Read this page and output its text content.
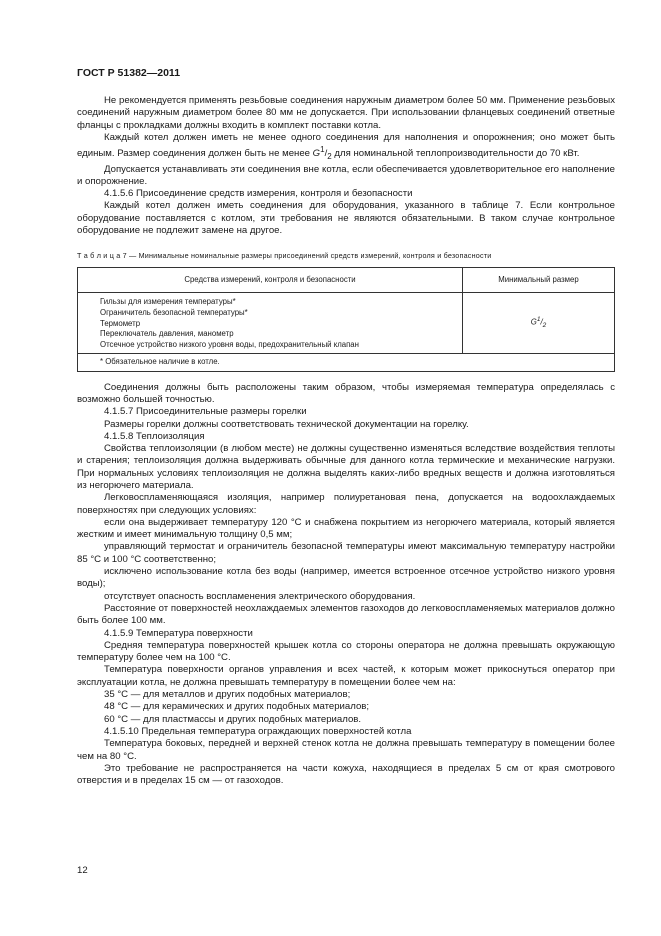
ГОСТ Р 51382—2011

Не рекомендуется применять резьбовые соединения наружным диаметром более 50 мм. Применение резьбовых соединений наружным диаметром более 80 мм не допускается. При использовании фланцевых соединений ответные фланцы с прокладками должны входить в комплект поставки котла.

Каждый котел должен иметь не менее одного соединения для наполнения и опорожнения; оно может быть единым. Размер соединения должен быть не менее $G^1/_2$ для номинальной теплопроизводительности до 70 кВт.

Допускается устанавливать эти соединения вне котла, если обеспечивается удовлетворительное его наполнение и опорожнение.

4.1.5.6 Присоединение средств измерения, контроля и безопасности

Каждый котел должен иметь соединения для оборудования, указанного в таблице 7. Если контрольное оборудование поставляется с котлом, эти требования не являются обязательными. В таком случае контрольное оборудование не подлежит замене на другое.

Т а б л и ц а 7 — Минимальные номинальные размеры присоединений средств измерений, контроля и безопасности
Средства измерений, контроля и безопасности	Минимальный размер

Гильзы для измерения температуры*
Ограничитель безопасной температуры*
Термометр
Переключатель давления, манометр
Отсечное устройство низкого уровня воды, предохранительный клапан	$G^1/_2$
* Обязательное наличие в котле.	

Соединения должны быть расположены таким образом, чтобы измеряемая температура определялась с возможно большей точностью.

4.1.5.7 Присоединительные размеры горелки

Размеры горелки должны соответствовать технической документации на горелку.

4.1.5.8 Теплоизоляция

Свойства теплоизоляции (в любом месте) не должны существенно изменяться вследствие воздействия теплоты и старения; теплоизоляция должна выдерживать обычные для данного котла термические и механические нагрузки. При нормальных условиях теплоизоляция не должна выделять каких-либо вредных веществ и должна изготовляться из негорючего материала.

Легковоспламеняющаяся изоляция, например полиуретановая пена, допускается на водоохлаждаемых поверхностях при следующих условиях:

если она выдерживает температуру 120 °С и снабжена покрытием из негорючего материала, который является жестким и имеет минимальную толщину 0,5 мм;

управляющий термостат и ограничитель безопасной температуры имеют максимальную температуру настройки 85 °С и 100 °С соответственно;

исключено использование котла без воды (например, имеется встроенное отсечное устройство низкого уровня воды);

отсутствует опасность воспламенения электрического оборудования.

Расстояние от поверхностей неохлаждаемых элементов газоходов до легковоспламеняемых материалов должно быть более 100 мм.

4.1.5.9 Температура поверхности

Средняя температура поверхностей крышек котла со стороны оператора не должна превышать окружающую температуру более чем на 100 °С.

Температура поверхности органов управления и всех частей, к которым может прикоснуться оператор при эксплуатации котла, не должна превышать температуру в помещении более чем на:

35 °С — для металлов и других подобных материалов;

48 °С — для керамических и других подобных материалов;

60 °С — для пластмассы и других подобных материалов.

4.1.5.10 Предельная температура ограждающих поверхностей котла

Температура боковых, передней и верхней стенок котла не должна превышать температуру в помещении более чем на 80 °С.

Это требование не распространяется на части кожуха, находящиеся в пределах 5 см от края смотрового отверстия и в пределах 15 см — от газоходов.

12
